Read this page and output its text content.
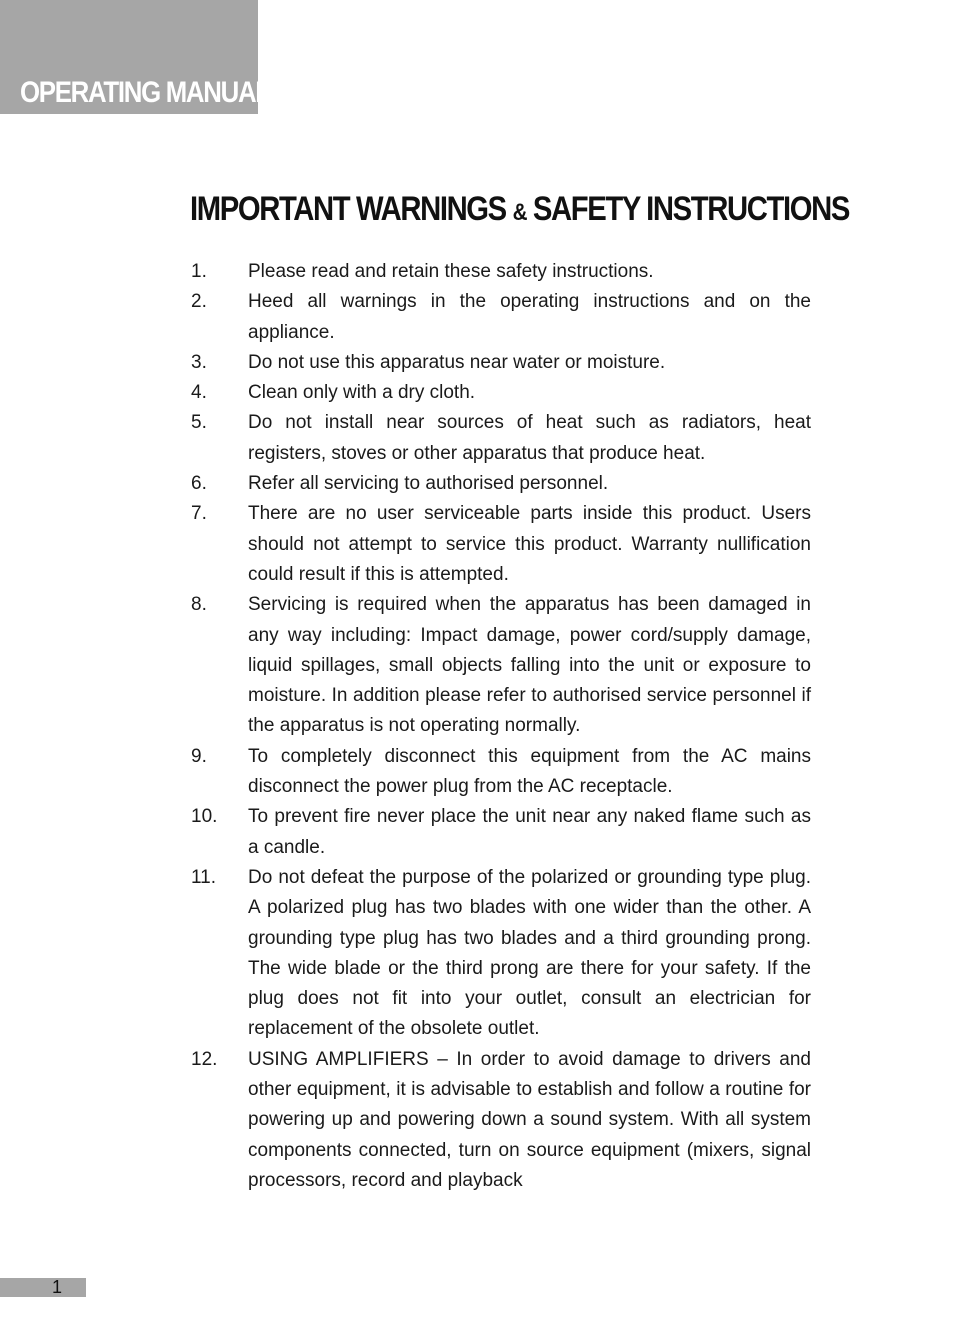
OPERATING MANUAL
IMPORTANT WARNINGS & SAFETY INSTRUCTIONS
1.	Please read and retain these safety instructions.
2.	Heed all warnings in the operating instructions and on the appliance.
3.	Do not use this apparatus near water or moisture.
4.	Clean only with a dry cloth.
5.	Do not install near sources of heat such as radiators, heat registers, stoves or other apparatus that produce heat.
6.	Refer all servicing to authorised personnel.
7.	There are no user serviceable parts inside this product. Users should not attempt to service this product. Warranty nullification could result if this is attempted.
8.	Servicing is required when the apparatus has been damaged in any way including: Impact damage, power cord/supply damage, liquid spillages, small objects falling into the unit or exposure to moisture. In addition please refer to authorised service personnel if the apparatus is not operating normally.
9.	To completely disconnect this equipment from the AC mains disconnect the power plug from the AC receptacle.
10.	To prevent fire never place the unit near any naked flame such as a candle.
11.	Do not defeat the purpose of the polarized or grounding type plug. A polarized plug has two blades with one wider than the other. A grounding type plug has two blades and a third grounding prong. The wide blade or the third prong are there for your safety. If the plug does not fit into your outlet, consult an electrician for replacement of the obsolete outlet.
12.	USING AMPLIFIERS – In order to avoid damage to drivers and other equipment, it is advisable to establish and follow a routine for powering up and powering down a sound system. With all system components connected, turn on source equipment (mixers, signal processors, record and playback
1
